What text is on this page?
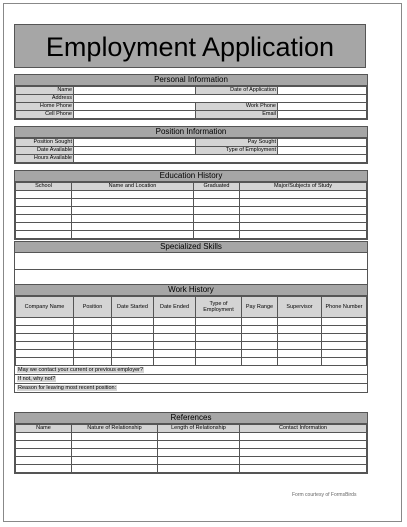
Employment Application
Personal Information
Name		Date of Application	
Address			
Home Phone		Work Phone	
Cell Phone		Email	
Position Information
Position Sought		Pay Sought	
Date Available		Type of Employment	
Hours Available			
Education History
School	Name and Location	Graduated	Major/Subjects of Study

Specialized Skills
Work History
Company Name	Position	Date Started	Date Ended	Type of Employment	Pay Range	Supervisor	Phone Number

May we contact your current or previous employer?
If not, why not?
Reason for leaving most recent position:
References
Name	Nature of Relationship	Length of Relationship	Contact Information

Form courtesy of FormsBirds
